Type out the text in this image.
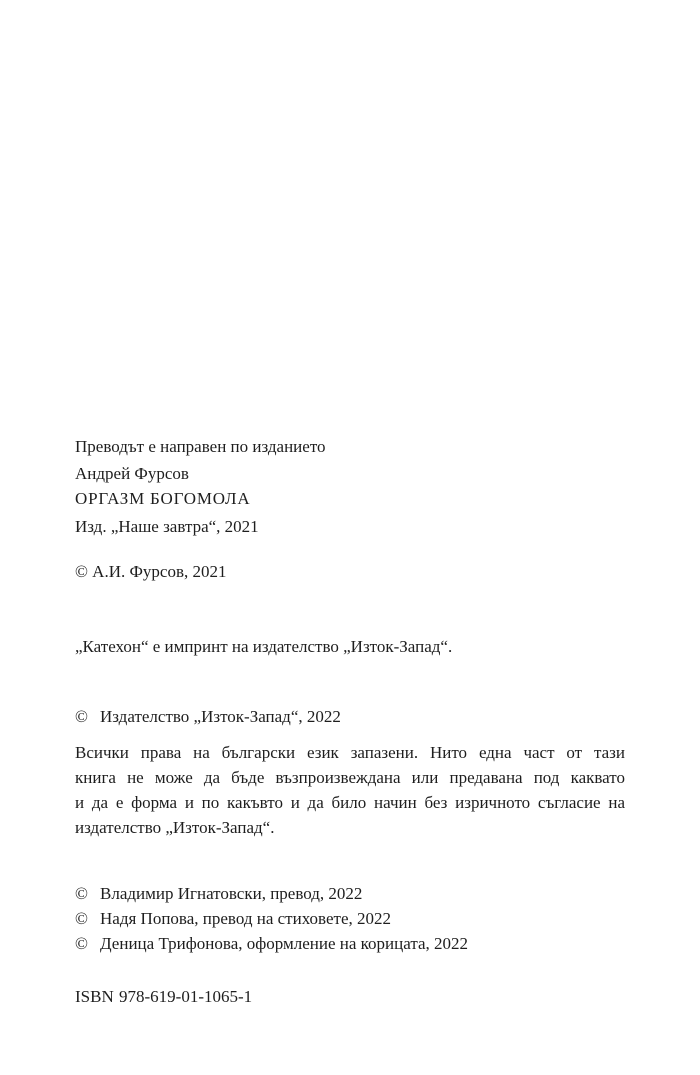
Преводът е направен по изданието
Андрей Фурсов
ОРГАЗМ БОГОМОЛА
Изд. „Наше завтра“, 2021
© А.И. Фурсов, 2021
„Катехон“ е импринт на издателство „Изток-Запад“.
© Издателство „Изток-Запад“, 2022
Всички права на български език запазени. Нито една част от тази
книга не може да бъде възпроизвеждана или предавана под каквато
и да е форма и по какъвто и да било начин без изричното съгласие на
издателство „Изток-Запад“.
© Владимир Игнатовски, превод, 2022
© Надя Попова, превод на стиховете, 2022
© Деница Трифонова, оформление на корицата, 2022
ISBN 978-619-01-1065-1
